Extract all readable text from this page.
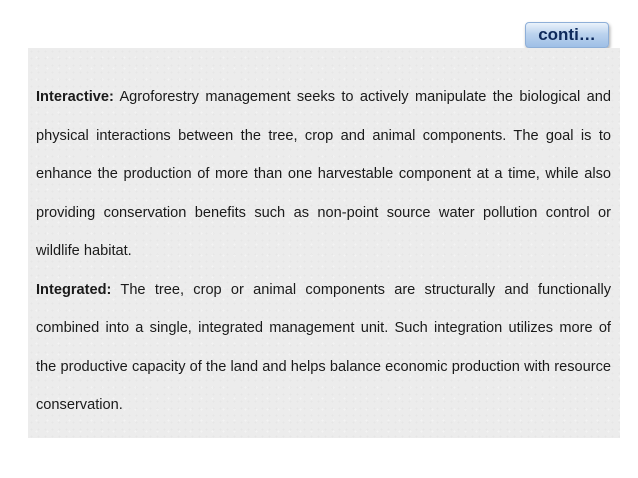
conti…

Interactive: Agroforestry management seeks to actively manipulate the biological and physical interactions between the tree, crop and animal components. The goal is to enhance the production of more than one harvestable component at a time, while also providing conservation benefits such as non-point source water pollution control or wildlife habitat.

Integrated: The tree, crop or animal components are structurally and functionally combined into a single, integrated management unit. Such integration utilizes more of the productive capacity of the land and helps balance economic production with resource conservation.
